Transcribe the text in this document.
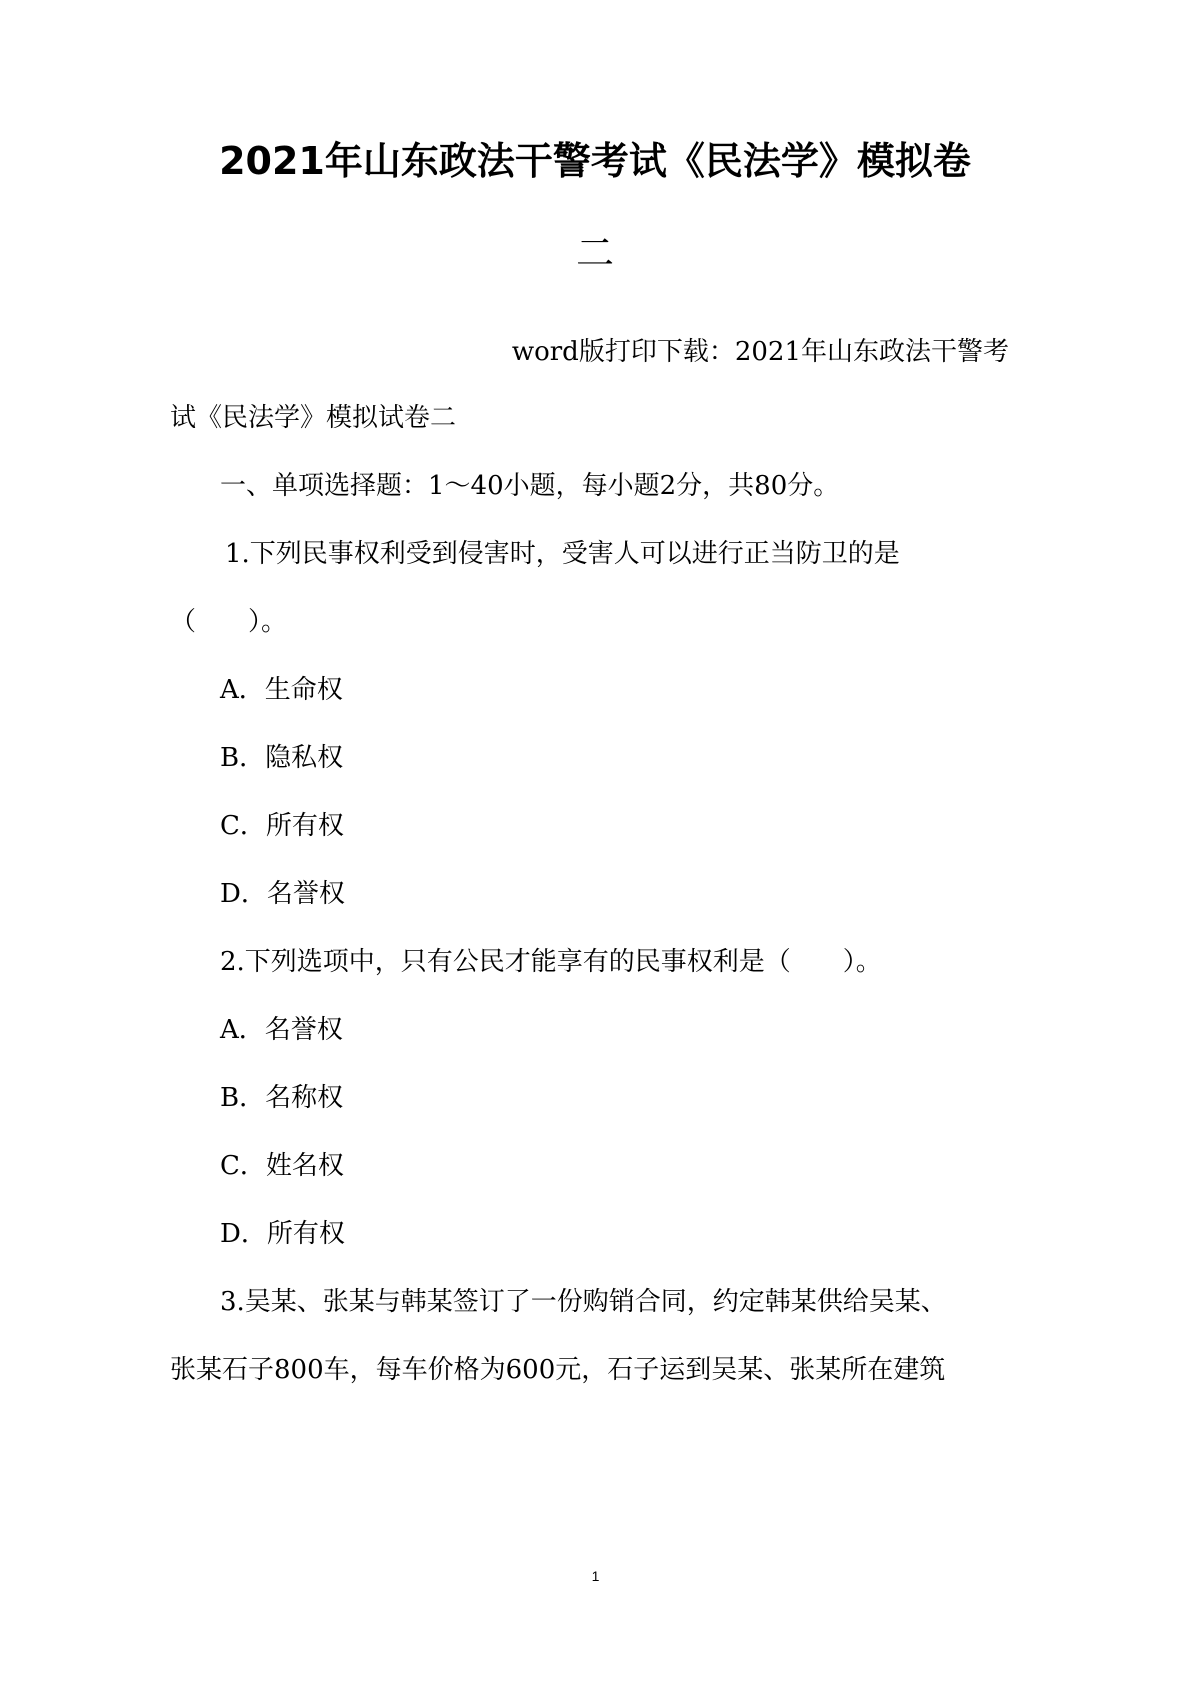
2021年山东政法干警考试《民法学》模拟卷
二
word版打印下载：2021年山东政法干警考
试《民法学》模拟试卷二
一、单项选择题：1～40小题，每小题2分，共80分。
1.下列民事权利受到侵害时，受害人可以进行正当防卫的是
（　　）。
A．生命权
B．隐私权
C．所有权
D．名誉权
2.下列选项中，只有公民才能享有的民事权利是（　　）。
A．名誉权
B．名称权
C．姓名权
D．所有权
3.吴某、张某与韩某签订了一份购销合同，约定韩某供给吴某、
张某石子800车，每车价格为600元，石子运到吴某、张某所在建筑
1
